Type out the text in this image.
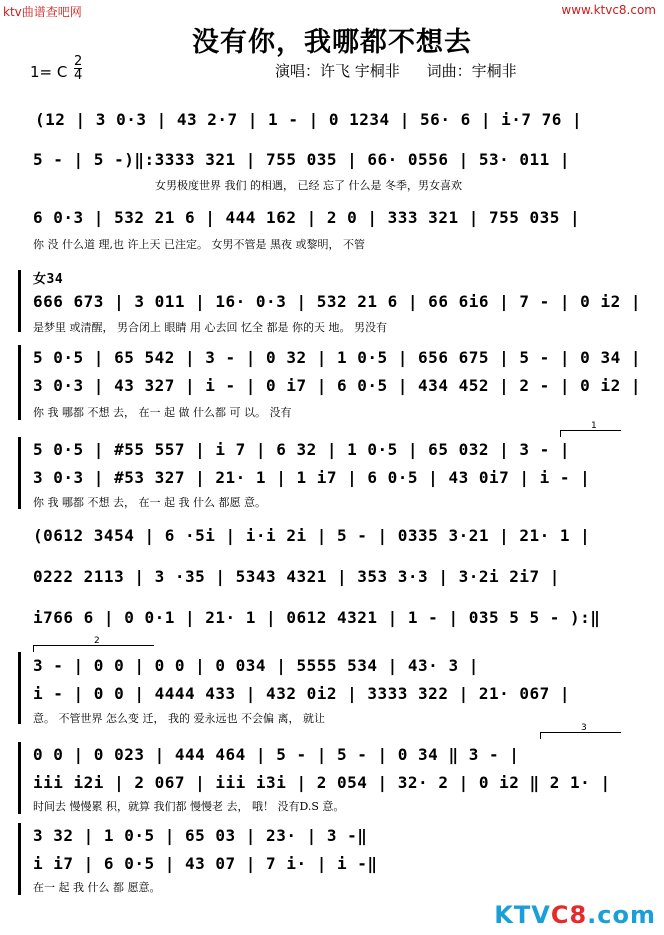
ktv曲谱查吧网	www.ktvc8.com
没有你，我哪都不想去
1= C
2
4	演唱：许飞 宇桐非 词曲：宇桐非
(12 | 3 0·3 | 43 2·7 | 1 - | 0 1234 | 56· 6 | i·7 76 |
5 - | 5 -)‖:3333 321 | 755 035 | 66· 0556 | 53· 011 |
女男极度世界 我们 的相遇， 已经 忘了 什么是 冬季，男女喜欢
6 0·3 | 532 21 6 | 444 162 | 2 0 | 333 321 | 755 035 |
你 没 什么道 理,也 许上天 已注定。 女男不管是 黑夜 或黎明， 不管
666 673 | 3 011 | 16· 0·3 | 532 21 6 | 66 6i6 | 7 - | 0 i2 |
女34
是梦里 或清醒， 男合闭上 眼睛 用 心去回 忆全 都是 你的天 地。 男没有
5 0·5 | 65 542 | 3 - | 0 32 | 1 0·5 | 656 675 | 5 - | 0 34 |
3 0·3 | 43 327 | i - | 0 i7 | 6 0·5 | 434 452 | 2 - | 0 i2 |
你 我 哪都 不想 去， 在一 起 做 什么都 可 以。 没有
1
5 0·5 | #55 557 | i 7 | 6 32 | 1 0·5 | 65 032 | 3 - |
3 0·3 | #53 327 | 21· 1 | 1 i7 | 6 0·5 | 43 0i7 | i - |
你 我 哪都 不想 去， 在一 起 我 什么 都愿 意。
(0612 3454 | 6 ·5i | i·i 2i | 5 - | 0335 3·21 | 21· 1 |
0222 2113 | 3 ·35 | 5343 4321 | 353 3·3 | 3·2i 2i7 |
i766 6 | 0 0·1 | 21· 1 | 0612 4321 | 1 - | 035 5 5 - ):‖
2
3 - | 0 0 | 0 0 | 0 034 | 5555 534 | 43· 3 |
i - | 0 0 | 4444 433 | 432 0i2 | 3333 322 | 21· 067 |
意。 不管世界 怎么变 迁， 我的 爱永远也 不会偏 离， 就让
3
0 0 | 0 023 | 444 464 | 5 - | 5 - | 0 34 ‖ 3 - |
iii i2i | 2 067 | iii i3i | 2 054 | 32· 2 | 0 i2 ‖ 2 1· |
时间去 慢慢累 积，就算 我们都 慢慢老 去， 哦！ 没有D.S 意。
3 32 | 1 0·5 | 65 03 | 23· | 3 -‖
i i7 | 6 0·5 | 43 07 | 7 i· | i -‖
在一 起 我 什么 都 愿意。
KTVC8.com
